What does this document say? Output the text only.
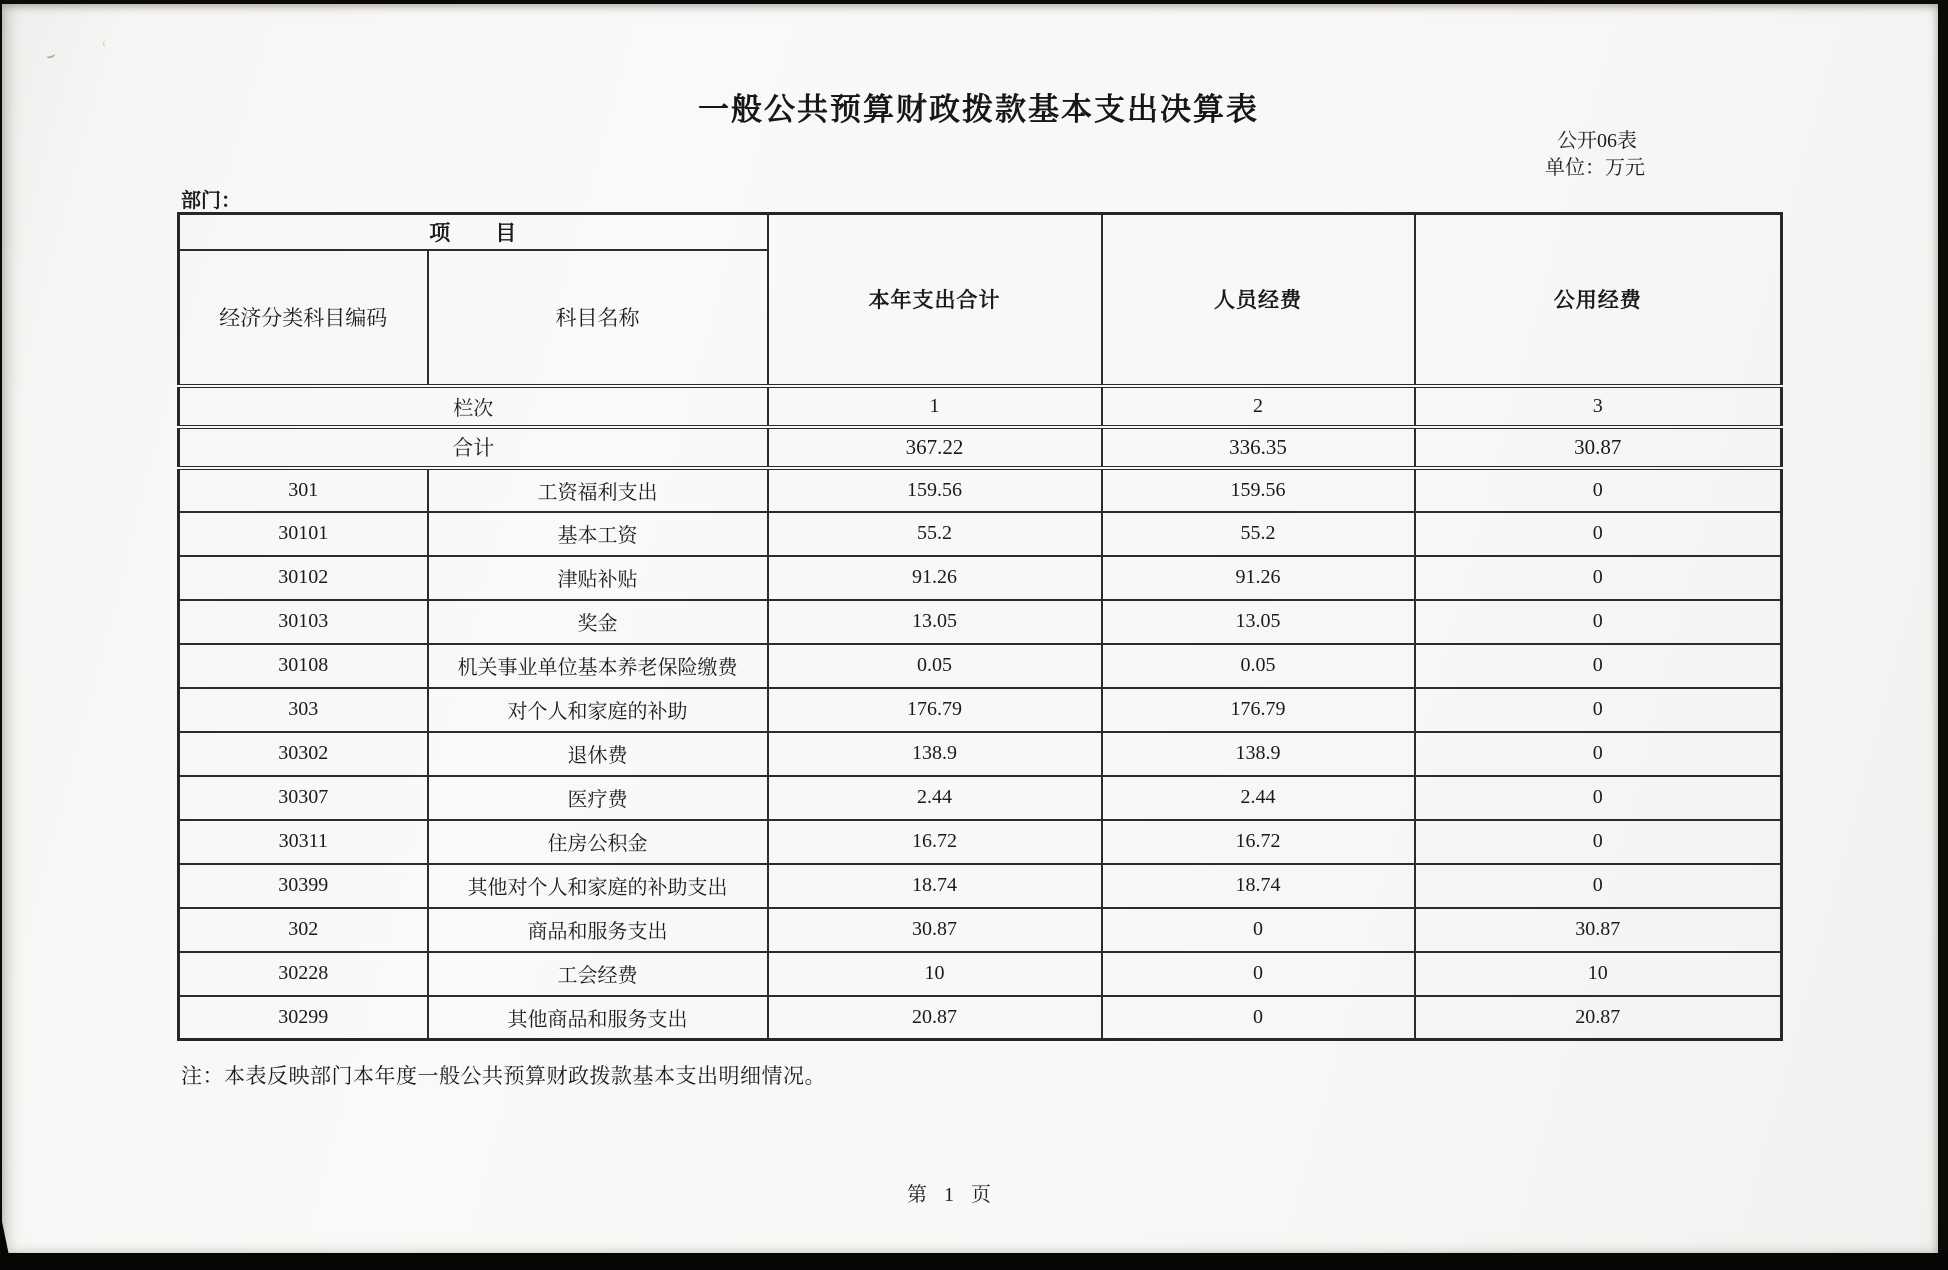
一般公共预算财政拨款基本支出决算表
公开06表
单位：万元
部门：
项　　目		本年支出合计	人员经费	公用经费
经济分类科目编码	科目名称			
栏次		1	2	3
合计		367.22	336.35	30.87
301	工资福利支出	159.56	159.56	0
30101	基本工资	55.2	55.2	0
30102	津贴补贴	91.26	91.26	0
30103	奖金	13.05	13.05	0
30108	机关事业单位基本养老保险缴费	0.05	0.05	0
303	对个人和家庭的补助	176.79	176.79	0
30302	退休费	138.9	138.9	0
30307	医疗费	2.44	2.44	0
30311	住房公积金	16.72	16.72	0
30399	其他对个人和家庭的补助支出	18.74	18.74	0
302	商品和服务支出	30.87	0	30.87
30228	工会经费	10	0	10
30299	其他商品和服务支出	20.87	0	20.87
注：本表反映部门本年度一般公共预算财政拨款基本支出明细情况。
第 1 页
